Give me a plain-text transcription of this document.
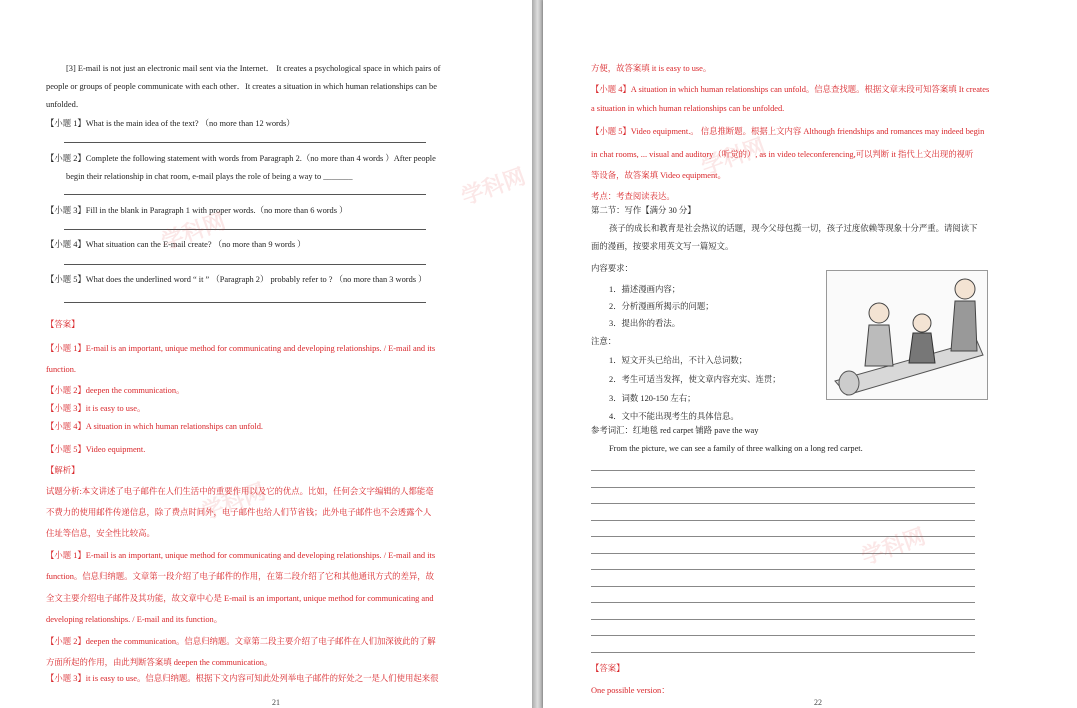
[3] E-mail is not just an electronic mail sent via the Internet． It creates a psychological space in which pairs of
people or groups of people communicate with each other．It creates a situation in which human relationships can be
unfolded．
【小题 1】What is the main idea of the text? （no more than 12 words）
【小题 2】Complete the following statement with words from Paragraph 2.（no more than 4 words ）After people
begin their relationship in chat room, e-mail plays the role of being a way to _______
【小题 3】Fill in the blank in Paragraph 1 with proper words.（no more than 6 words ）
【小题 4】What situation can the E-mail create? （no more than 9 words ）
【小题 5】What does the underlined word “ it ” （Paragraph 2） probably refer to ? （no more than 3 words ）
【答案】
【小题 1】E-mail is an important, unique method for communicating and developing relationships. / E-mail and its
function.
【小题 2】deepen the communication。
【小题 3】it is easy to use。
【小题 4】A situation in which human relationships can unfold.
【小题 5】Video equipment.
【解析】
试题分析:本文讲述了电子邮件在人们生活中的重要作用以及它的优点。比如，任何会文字编辑的人都能毫
不费力的使用邮件传递信息，除了费点时间外，电子邮件也给人们节省钱；此外电子邮件也不会透露个人
住址等信息，安全性比较高。
【小题 1】E-mail is an important, unique method for communicating and developing relationships. / E-mail and its
function。信息归纳题。文章第一段介绍了电子邮件的作用，在第二段介绍了它和其他通讯方式的差异，故
全文主要介绍电子邮件及其功能，故文章中心是 E-mail is an important, unique method for communicating and
developing relationships. / E-mail and its function。
【小题 2】deepen the communication。信息归纳题。文章第二段主要介绍了电子邮件在人们加深彼此的了解
方面所起的作用，由此判断答案填 deepen the communication。
【小题 3】it is easy to use。信息归纳题。根据下文内容可知此处列举电子邮件的好处之一是人们使用起来很
方便，故答案填 it is easy to use。
【小题 4】A situation in which human relationships can unfold。信息查找题。根据文章末段可知答案填 It creates
a situation in which human relationships can be unfolded.
【小题 5】Video equipment.。 信息推断题。根据上文内容 Although friendships and romances may indeed begin
in chat rooms, ... visual and auditory（听觉的）, as in video teleconferencing,可以判断 it 指代上文出现的视听
等设备，故答案填 Video equipment。
考点：考查阅读表达。
第二节：写作【满分 30 分】
孩子的成长和教育是社会热议的话题，现今父母包揽一切，孩子过度依赖等现象十分严重。请阅读下
面的漫画，按要求用英文写一篇短文。
内容要求：
1．描述漫画内容；
2．分析漫画所揭示的问题；
3．提出你的看法。
注意：
1．短文开头已给出，不计入总词数；
2．考生可适当发挥，使文章内容充实、连贯；
3．词数 120-150 左右；
4．文中不能出现考生的具体信息。
参考词汇：红地毯 red carpet 铺路 pave the way
From the picture, we can see a family of three walking on a long red carpet.
【答案】
One possible version：
21	22
学科网
学科网
学科网
学科网
学科网
